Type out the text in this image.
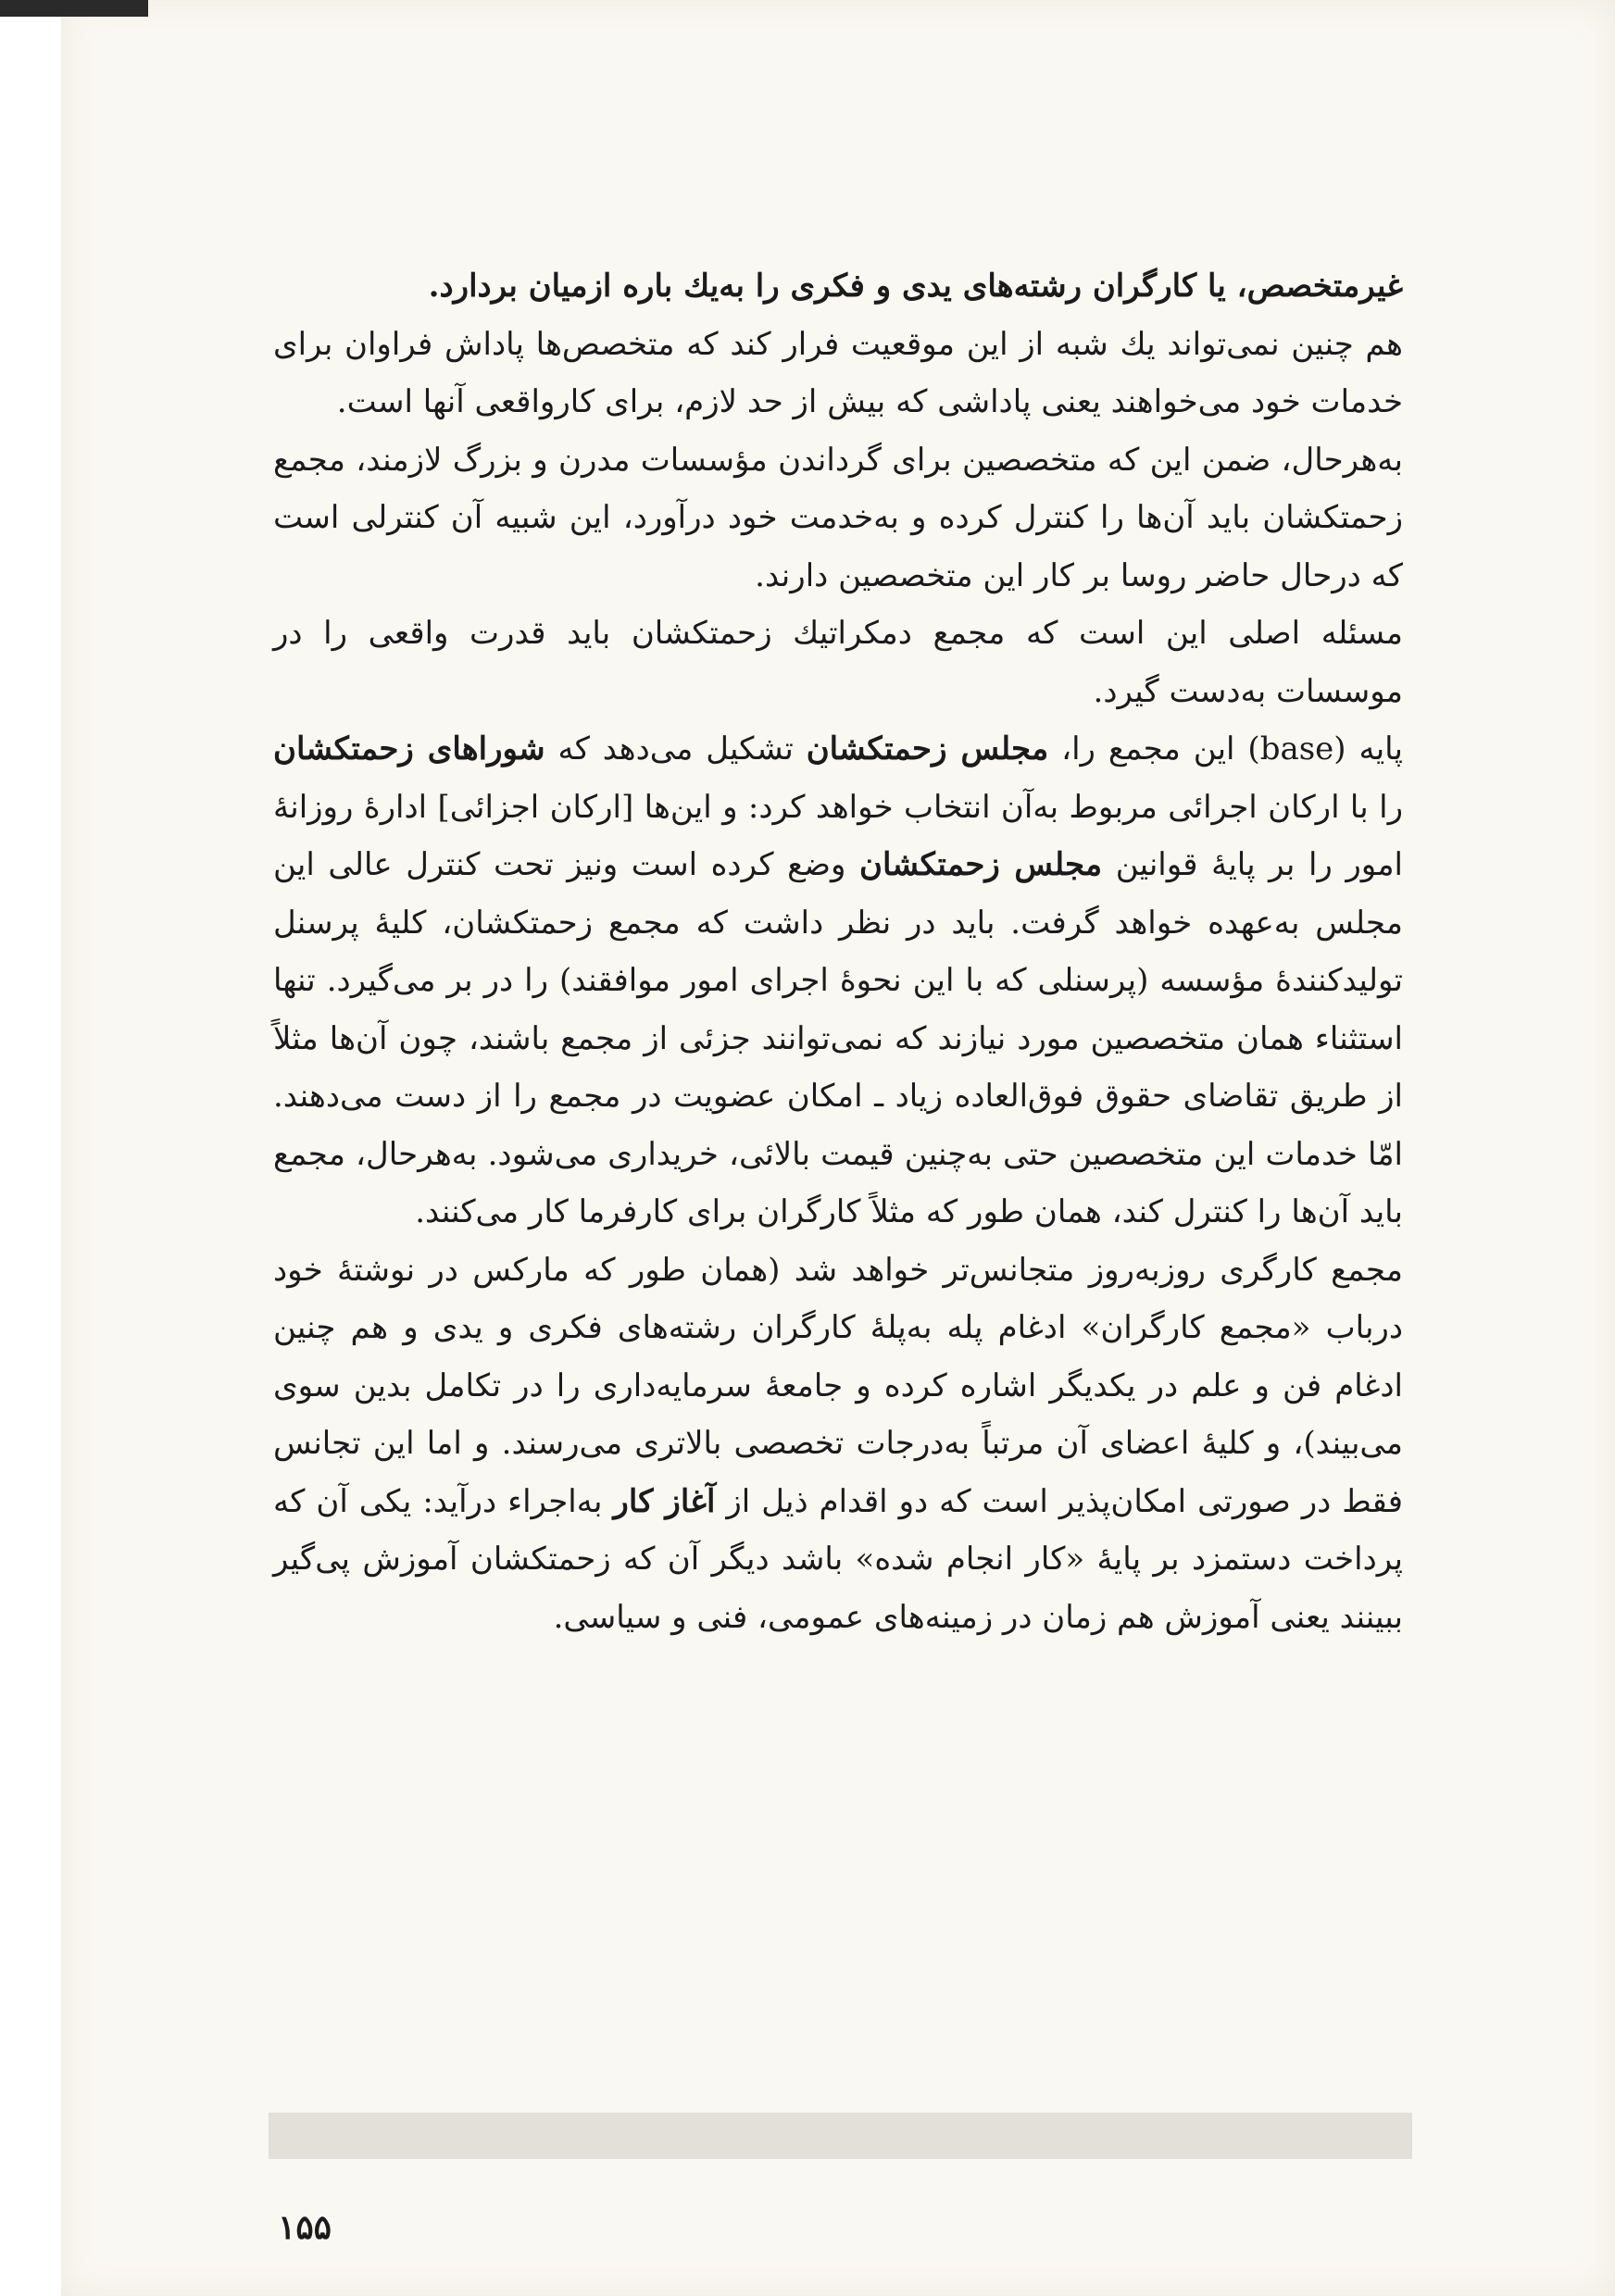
غیرمتخصص، یا کارگران رشته‌های یدی و فکری را به‌یك باره ازمیان بردارد.

هم چنین نمی‌تواند یك شبه از این موقعیت فرار کند که متخصص‌ها پاداش فراوان برای خدمات خود می‌خواهند یعنی پاداشی که بیش از حد لازم، برای کارواقعی آنها است.

به‌هرحال، ضمن این که متخصصین برای گرداندن مؤسسات مدرن و بزرگ لازمند، مجمع زحمتکشان باید آن‌ها را کنترل کرده و به‌خدمت خود درآورد، این شبیه آن کنترلی است که درحال حاضر روسا بر کار این متخصصین دارند.

مسئله اصلی این است که مجمع دمکراتیك زحمتکشان باید قدرت واقعی را در موسسات به‌دست گیرد.

پایه (base) این مجمع را، مجلس زحمتکشان تشکیل می‌دهد که شوراهای زحمتکشان را با ارکان اجرائی مربوط به‌آن انتخاب خواهد کرد: و این‌ها [ارکان اجزائی] ادارهٔ روزانهٔ امور را بر پایهٔ قوانین مجلس زحمتکشان وضع کرده است ونیز تحت کنترل عالی این مجلس به‌عهده خواهد گرفت. باید در نظر داشت که مجمع زحمتکشان، کلیهٔ پرسنل تولیدکنندهٔ مؤسسه (پرسنلی که با این نحوهٔ اجرای امور موافقند) را در بر می‌گیرد. تنها استثناء همان متخصصین مورد نیازند که نمی‌توانند جزئی از مجمع باشند، چون آن‌ها مثلاً از طریق تقاضای حقوق فوق‌العاده زیاد ـ امکان عضویت در مجمع را از دست می‌دهند. امّا خدمات این متخصصین حتی به‌چنین قیمت بالائی، خریداری می‌شود. به‌هرحال، مجمع باید آن‌ها را کنترل کند، همان طور که مثلاً کارگران برای کارفرما کار می‌کنند.

مجمع کارگری روزبه‌روز متجانس‌تر خواهد شد (همان طور که مارکس در نوشتهٔ خود درباب «مجمع کارگران» ادغام پله به‌پلهٔ کارگران رشته‌های فکری و یدی و هم چنین ادغام فن و علم در یکدیگر اشاره کرده و جامعهٔ سرمایه‌داری را در تکامل بدین سوی می‌بیند)، و کلیهٔ اعضای آن مرتباً به‌درجات تخصصی بالاتری می‌رسند. و اما این تجانس فقط در صورتی امکان‌پذیر است که دو اقدام ذیل از آغاز کار به‌اجراء درآید: یکی آن که پرداخت دستمزد بر پایهٔ «کار انجام شده» باشد دیگر آن که زحمتکشان آموزش پی‌گیر ببینند یعنی آموزش هم زمان در زمینه‌های عمومی، فنی و سیاسی.

۱۵۵
